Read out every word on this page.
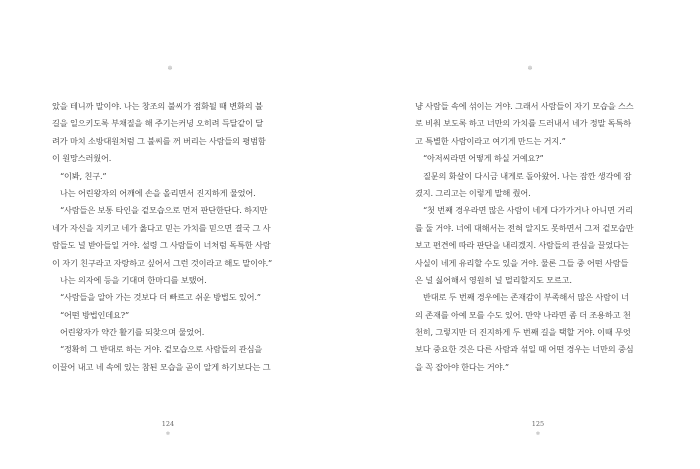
✽
았을 테니까 말이야. 나는 창조의 불씨가 점화될 때 변화의 불
길을 일으키도록 부채질을 해 주기는커녕 오히려 득달같이 달
려가 마치 소방대원처럼 그 불씨를 꺼 버리는 사람들의 평범함
이 원망스러웠어.
“이봐, 친구.”
나는 어린왕자의 어깨에 손을 올리면서 진지하게 물었어.
“사람들은 보통 타인을 겉모습으로 먼저 판단한단다. 하지만
네가 자신을 지키고 네가 옳다고 믿는 가치를 믿으면 결국 그 사
람들도 널 받아들일 거야. 설령 그 사람들이 너처럼 독특한 사람
이 자기 친구라고 자랑하고 싶어서 그런 것이라고 해도 말이야.”
나는 의자에 등을 기대며 한마디를 보탰어.
“사람들을 알아 가는 것보다 더 빠르고 쉬운 방법도 있어.”
“어떤 방법인데요?”
어린왕자가 약간 활기를 되찾으며 물었어.
“정확히 그 반대로 하는 거야. 겉모습으로 사람들의 관심을
이끌어 내고 네 속에 있는 참된 모습을 곧이 알게 하기보다는 그
124
✽
✽
냥 사람들 속에 섞이는 거야. 그래서 사람들이 자기 모습을 스스
로 비춰 보도록 하고 너만의 가치를 드러내서 네가 정말 독특하
고 특별한 사람이라고 여기게 만드는 거지.”
“아저씨라면 어떻게 하실 거예요?”
질문의 화살이 다시금 내게로 돌아왔어. 나는 잠깐 생각에 잠
겼지. 그리고는 이렇게 말해 줬어.
“첫 번째 경우라면 많은 사람이 네게 다가가거나 아니면 거리
를 둘 거야. 너에 대해서는 전혀 알지도 못하면서 그저 겉모습만
보고 편견에 따라 판단을 내리겠지. 사람들의 관심을 끌었다는
사실이 네게 유리할 수도 있을 거야. 물론 그들 중 어떤 사람들
은 널 싫어해서 영원히 널 멀리할지도 모르고.
반대로 두 번째 경우에는 존재감이 부족해서 많은 사람이 너
의 존재를 아예 모를 수도 있어. 만약 나라면 좀 더 조용하고 천
천히, 그렇지만 더 진지하게 두 번째 길을 택할 거야. 이때 무엇
보다 중요한 것은 다른 사람과 섞일 때 어떤 경우는 너만의 중심
을 꼭 잡아야 한다는 거야.”
125
✽
